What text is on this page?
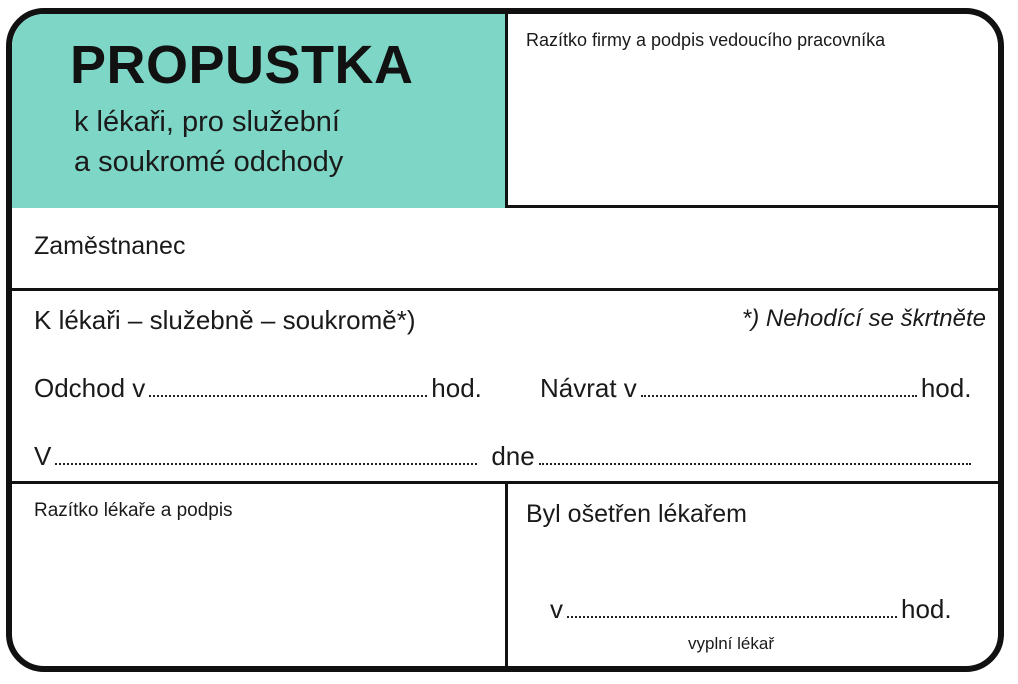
PROPUSTKA
k lékaři, pro služební
a soukromé odchody
Razítko firmy a podpis vedoucího pracovníka
Zaměstnanec
K lékaři – služebně – soukromě*)	*) Nehodící se škrtněte
Odchod v	hod. Návrat v	hod.
V	dne
Razítko lékaře a podpis	Byl ošetřen lékařem
v	hod.
vyplní lékař
